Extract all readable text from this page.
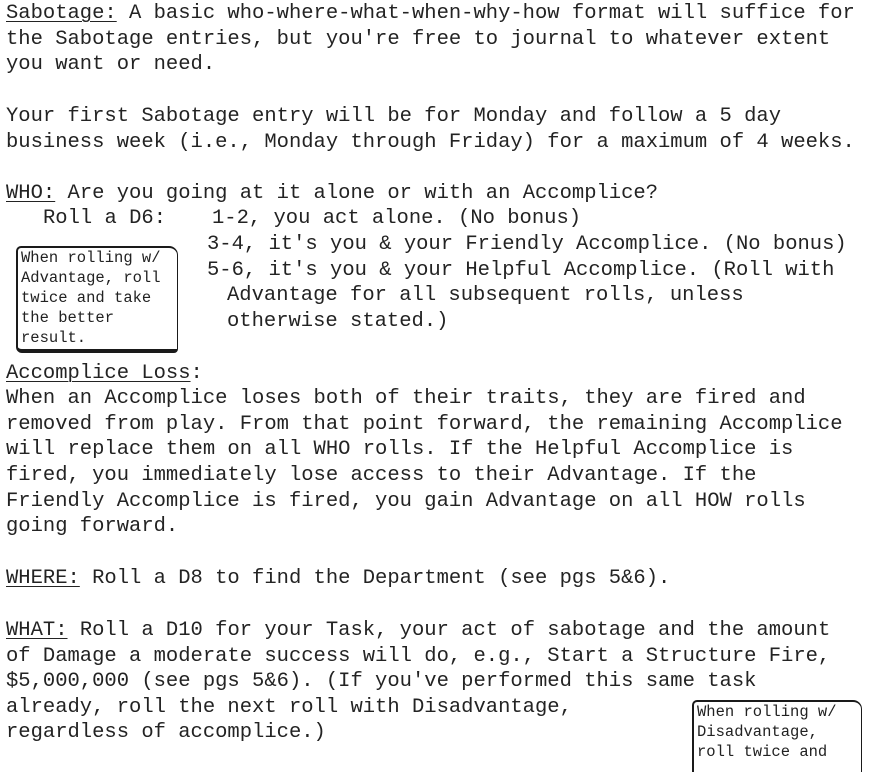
Sabotage: A basic who-where-what-when-why-how format will suffice for
the Sabotage entries, but you're free to journal to whatever extent
you want or need.
Your first Sabotage entry will be for Monday and follow a 5 day
business week (i.e., Monday through Friday) for a maximum of 4 weeks.
WHO: Are you going at it alone or with an Accomplice?
Roll a D6: 1-2, you act alone. (No bonus)
3-4, it's you & your Friendly Accomplice. (No bonus)
5-6, it's you & your Helpful Accomplice. (Roll with
Advantage for all subsequent rolls, unless
otherwise stated.)
When rolling w/
Advantage, roll
twice and take
the better
result.
Accomplice Loss:
When an Accomplice loses both of their traits, they are fired and
removed from play. From that point forward, the remaining Accomplice
will replace them on all WHO rolls. If the Helpful Accomplice is
fired, you immediately lose access to their Advantage. If the
Friendly Accomplice is fired, you gain Advantage on all HOW rolls
going forward.
WHERE: Roll a D8 to find the Department (see pgs 5&6).
WHAT: Roll a D10 for your Task, your act of sabotage and the amount
of Damage a moderate success will do, e.g., Start a Structure Fire,
$5,000,000 (see pgs 5&6). (If you've performed this same task
already, roll the next roll with Disadvantage,
regardless of accomplice.)
When rolling w/
Disadvantage,
roll twice and
